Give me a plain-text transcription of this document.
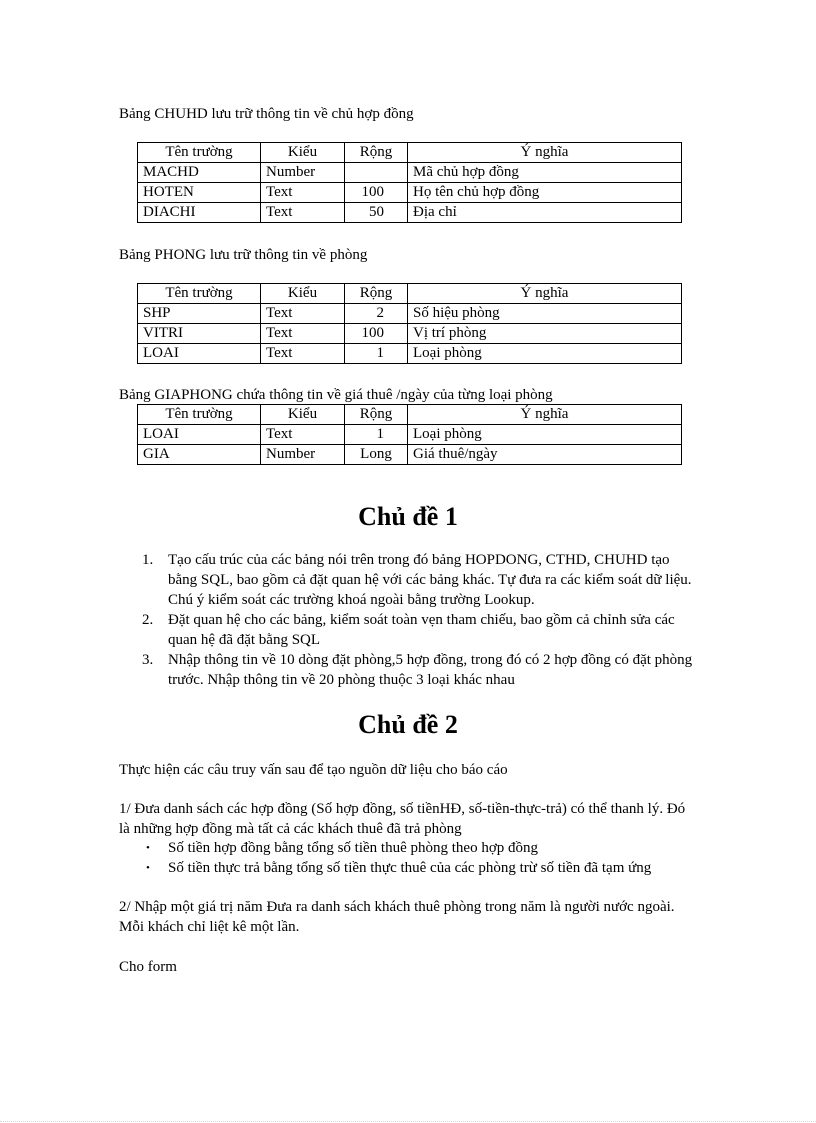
Bảng CHUHD lưu trữ thông tin về chủ hợp đồng
Tên trường	Kiểu	Rộng	Ý nghĩa
MACHD	Number		Mã chủ hợp đồng
HOTEN	Text	100	Họ tên chủ hợp đồng
DIACHI	Text	50	Địa chỉ
Bảng PHONG lưu trữ thông tin về phòng
Tên trường	Kiểu	Rộng	Ý nghĩa
SHP	Text	2	Số hiệu phòng
VITRI	Text	100	Vị trí phòng
LOAI	Text	1	Loại phòng
Bảng GIAPHONG chứa thông tin về giá thuê /ngày của từng loại phòng
Tên trường	Kiểu	Rộng	Ý nghĩa
LOAI	Text	1	Loại phòng
GIA	Number	Long	Giá thuê/ngày
Chủ đề 1
1. Tạo cấu trúc của các bảng nói trên trong đó bảng HOPDONG, CTHD, CHUHD tạo bằng SQL, bao gồm cả đặt quan hệ với các bảng khác. Tự đưa ra các kiểm soát dữ liệu. Chú ý kiểm soát các trường khoá ngoài bằng trường Lookup.
2. Đặt quan hệ cho các bảng, kiểm soát toàn vẹn tham chiếu, bao gồm cả chỉnh sửa các quan hệ đã đặt bằng SQL
3. Nhập thông tin về 10 dòng đặt phòng,5 hợp đồng, trong đó có 2 hợp đồng có đặt phòng trước. Nhập thông tin về 20 phòng thuộc 3 loại khác nhau
Chủ đề 2
Thực hiện các câu truy vấn sau để tạo nguồn dữ liệu cho báo cáo
1/ Đưa danh sách các hợp đồng (Số hợp đồng, số tiềnHĐ, số-tiền-thực-trả) có thể thanh lý. Đó là những hợp đồng mà tất cả các khách thuê đã trả phòng
• Số tiền hợp đồng bằng tổng số tiền thuê phòng theo hợp đồng
• Số tiền thực trả bằng tổng số tiền thực thuê của các phòng trừ số tiền đã tạm ứng
2/ Nhập một giá trị năm Đưa ra danh sách khách thuê phòng trong năm là người nước ngoài. Mỗi khách chỉ liệt kê một lần.
Cho form
